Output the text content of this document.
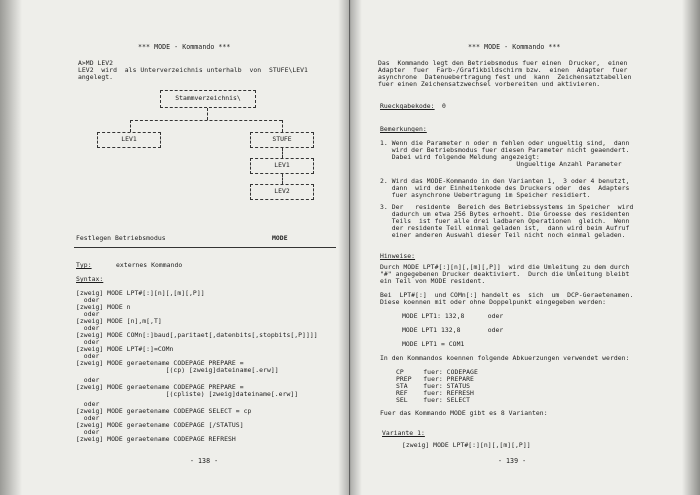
*** MODE - Kommando ***
A>MD LEV2
LEV2  wird  als Unterverzeichnis unterhalb  von  STUFE\LEV1
angelegt.
Stammverzeichnis\
LEV1	STUFE
LEV1
LEV2
Festlegen Betriebsmodus	MODE
Typ:	externes Kommando
Syntax:
[zweig] MODE LPT#[:][n][,[m][,P]]
oder
[zweig] MODE n
oder
[zweig] MODE [n],m[,T]
oder
[zweig] MODE COMn[:]baud[,paritaet[,datenbits[,stopbits[,P]]]]
oder
[zweig] MODE LPT#[:]=COMn
oder
[zweig] MODE geraetename CODEPAGE PREPARE =
[(cp) [zweig]dateiname[.erw]]
oder
[zweig] MODE geraetename CODEPAGE PREPARE =
[(cpliste) [zweig]dateiname[.erw]]
oder
[zweig] MODE geraetename CODEPAGE SELECT = cp
oder
[zweig] MODE geraetename CODEPAGE [/STATUS]
oder
[zweig] MODE geraetename CODEPAGE REFRESH
- 138 -
*** MODE - Kommando ***
Das  Kommando legt den Betriebsmodus fuer einen  Drucker,  einen
Adapter  fuer  Farb-/Grafikbildschirm bzw.  einen  Adapter  fuer
asynchrone  Datenuebertragung fest und  kann  Zeichensatztabellen
fuer einen Zeichensatzwechsel vorbereiten und aktivieren.
Rueckgabekode: 0
Bemerkungen:
1. Wenn die Parameter n oder m fehlen oder ungueltig sind,  dann
wird der Betriebsmodus fuer diesen Parameter nicht geaendert.
Dabei wird folgende Meldung angezeigt:
Ungueltige Anzahl Parameter
2. Wird das MODE-Kommando in den Varianten 1,  3 oder 4 benutzt,
dann  wird der Einheitenkode des Druckers oder  des  Adapters
fuer asynchrone Uebertragung im Speicher residiert.
3. Der   residente  Bereich des Betriebssystems im Speicher  wird
dadurch um etwa 256 Bytes erhoeht. Die Groesse des residenten
Teils  ist fuer alle drei ladbaren Operationen  gleich.  Wenn
der residente Teil einmal geladen ist,  dann wird beim Aufruf
einer anderen Auswahl dieser Teil nicht noch einmal geladen.
Hinweise:
Durch MODE LPT#[:][n][,[m][,P]]  wird die Umleitung zu dem durch
"#" angegebenen Drucker deaktiviert.  Durch die Umleitung bleibt
ein Teil von MODE resident.
Bei  LPT#[:]  und COMn[:] handelt es  sich  um  DCP-Geraetenamen.
Diese koennen mit oder ohne Doppelpunkt eingegeben werden:
MODE LPT1: 132,8      oder
MODE LPT1 132,8       oder
MODE LPT1 = COM1
In den Kommandos koennen folgende Abkuerzungen verwendet werden:
CP     fuer: CODEPAGE
PREP   fuer: PREPARE
STA    fuer: STATUS
REF    fuer: REFRESH
SEL    fuer: SELECT
Fuer das Kommando MODE gibt es 8 Varianten:
Variante 1:
[zweig] MODE LPT#[:][n][,[m][,P]]
- 139 -
